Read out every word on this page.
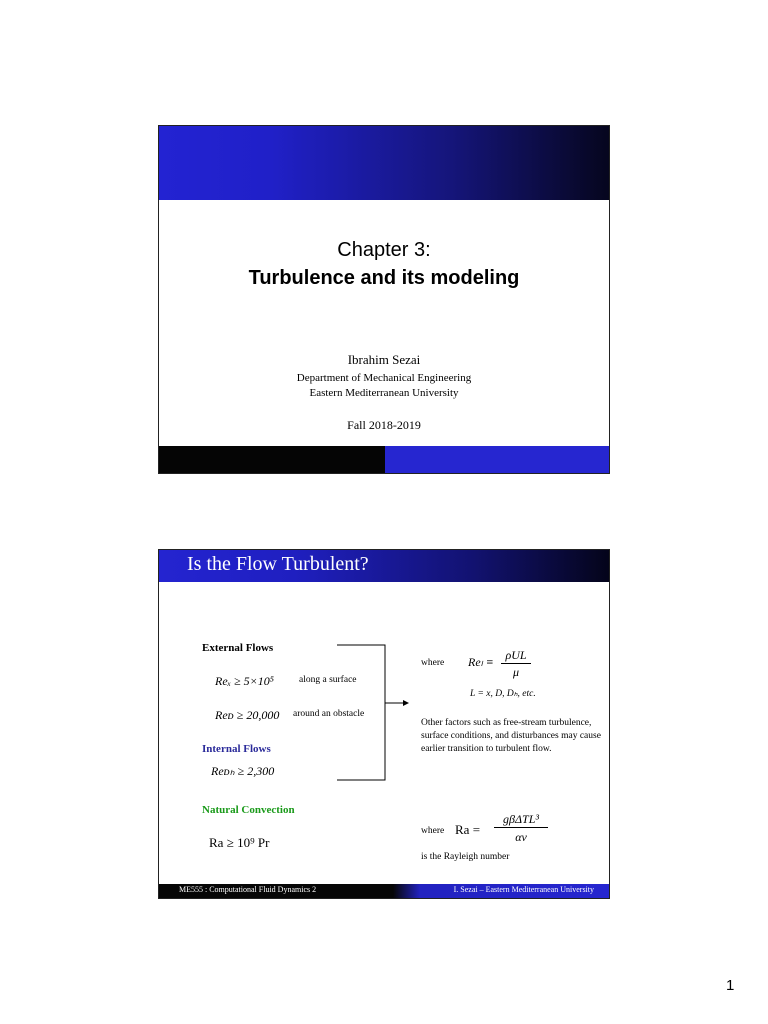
Chapter 3:
Turbulence and its modeling
Ibrahim Sezai
Department of Mechanical Engineering
Eastern Mediterranean University
Fall 2018-2019
Is the Flow Turbulent?
External Flows
Reₓ ≥ 5×10⁵	along a surface
Reᴅ ≥ 20,000 around an obstacle
Internal Flows
Reᴅₕ ≥ 2,300
Natural Convection
Ra ≥ 10⁹ Pr
where Reₗ ≡ ρUL
μ
L = x, D, Dₕ, etc.
Other factors such as free-stream turbulence, surface conditions, and disturbances may cause earlier transition to turbulent flow.
where Ra =
gβΔTL³
αν
is the Rayleigh number
ME555 : Computational Fluid Dynamics 2	I. Sezai – Eastern Mediterranean University
1
